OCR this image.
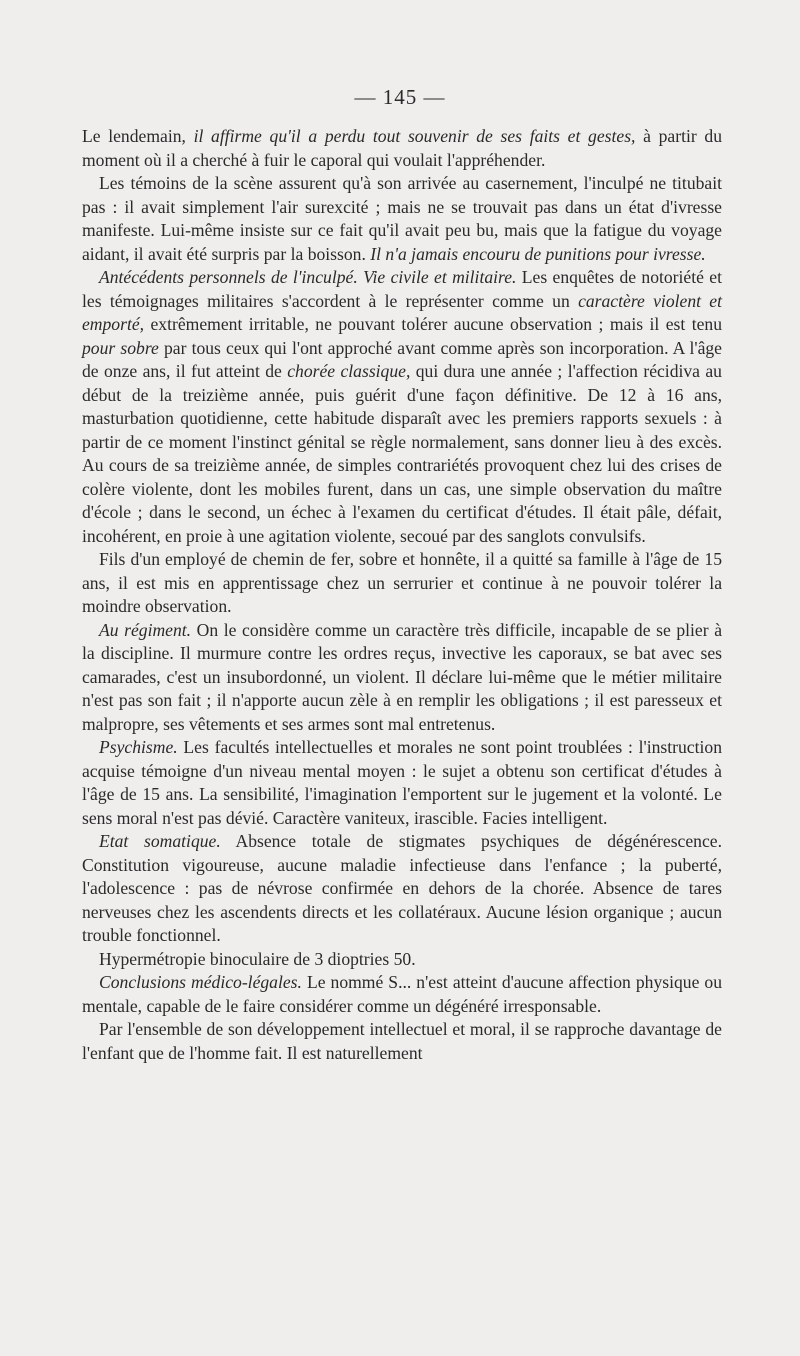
— 145 —

Le lendemain, il affirme qu'il a perdu tout souvenir de ses faits et gestes, à partir du moment où il a cherché à fuir le caporal qui voulait l'appréhender.

Les témoins de la scène assurent qu'à son arrivée au casernement, l'inculpé ne titubait pas : il avait simplement l'air surexcité ; mais ne se trouvait pas dans un état d'ivresse manifeste. Lui-même insiste sur ce fait qu'il avait peu bu, mais que la fatigue du voyage aidant, il avait été surpris par la boisson. Il n'a jamais encouru de punitions pour ivresse.

Antécédents personnels de l'inculpé. Vie civile et militaire. Les enquêtes de notoriété et les témoignages militaires s'accordent à le représenter comme un caractère violent et emporté, extrêmement irritable, ne pouvant tolérer aucune observation ; mais il est tenu pour sobre par tous ceux qui l'ont approché avant comme après son incorporation. A l'âge de onze ans, il fut atteint de chorée classique, qui dura une année ; l'affection récidiva au début de la treizième année, puis guérit d'une façon définitive. De 12 à 16 ans, masturbation quotidienne, cette habitude disparaît avec les premiers rapports sexuels : à partir de ce moment l'instinct génital se règle normalement, sans donner lieu à des excès. Au cours de sa treizième année, de simples contrariétés provoquent chez lui des crises de colère violente, dont les mobiles furent, dans un cas, une simple observation du maître d'école ; dans le second, un échec à l'examen du certificat d'études. Il était pâle, défait, incohérent, en proie à une agitation violente, secoué par des sanglots convulsifs.

Fils d'un employé de chemin de fer, sobre et honnête, il a quitté sa famille à l'âge de 15 ans, il est mis en apprentissage chez un serrurier et continue à ne pouvoir tolérer la moindre observation.

Au régiment. On le considère comme un caractère très difficile, incapable de se plier à la discipline. Il murmure contre les ordres reçus, invective les caporaux, se bat avec ses camarades, c'est un insubordonné, un violent. Il déclare lui-même que le métier militaire n'est pas son fait ; il n'apporte aucun zèle à en remplir les obligations ; il est paresseux et malpropre, ses vêtements et ses armes sont mal entretenus.

Psychisme. Les facultés intellectuelles et morales ne sont point troublées : l'instruction acquise témoigne d'un niveau mental moyen : le sujet a obtenu son certificat d'études à l'âge de 15 ans. La sensibilité, l'imagination l'emportent sur le jugement et la volonté. Le sens moral n'est pas dévié. Caractère vaniteux, irascible. Facies intelligent.

Etat somatique. Absence totale de stigmates psychiques de dégénérescence. Constitution vigoureuse, aucune maladie infectieuse dans l'enfance ; la puberté, l'adolescence : pas de névrose confirmée en dehors de la chorée. Absence de tares nerveuses chez les ascendents directs et les collatéraux. Aucune lésion organique ; aucun trouble fonctionnel.

Hypermétropie binoculaire de 3 dioptries 50.

Conclusions médico-légales. Le nommé S... n'est atteint d'aucune affection physique ou mentale, capable de le faire considérer comme un dégénéré irresponsable.

Par l'ensemble de son développement intellectuel et moral, il se rapproche davantage de l'enfant que de l'homme fait. Il est naturellement
